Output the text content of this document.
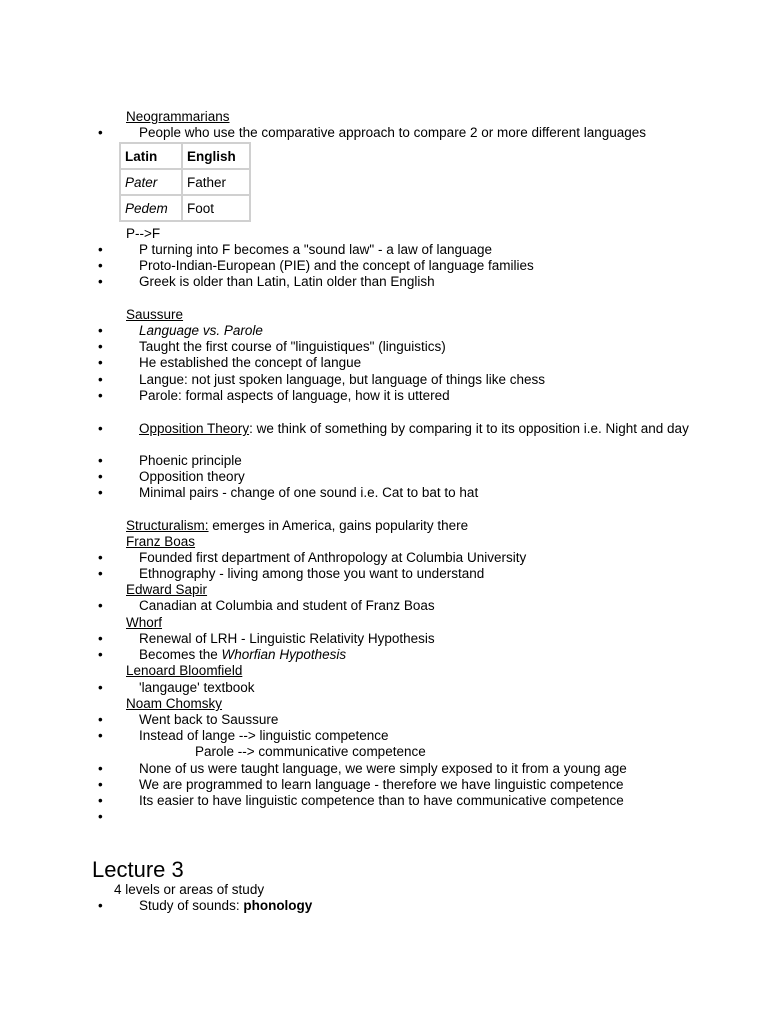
Neogrammarians
•	People who use the comparative approach to compare 2 or more different languages
Latin	English
Pater	Father
Pedem	Foot
P-->F
•	P turning into F becomes a "sound law" - a law of language
•	Proto-Indian-European (PIE) and the concept of language families
•	Greek is older than Latin, Latin older than English
Saussure
•	Language vs. Parole
•	Taught the first course of "linguistiques" (linguistics)
•	He established the concept of langue
•	Langue: not just spoken language, but language of things like chess
•	Parole: formal aspects of language, how it is uttered
•	Opposition Theory: we think of something by comparing it to its opposition i.e. Night and day
•	Phoenic principle
•	Opposition theory
•	Minimal pairs - change of one sound i.e. Cat to bat to hat
Structuralism: emerges in America, gains popularity there
Franz Boas
•	Founded first department of Anthropology at Columbia University
•	Ethnography - living among those you want to understand
Edward Sapir
•	Canadian at Columbia and student of Franz Boas
Whorf
•	Renewal of LRH - Linguistic Relativity Hypothesis
•	Becomes the Whorfian Hypothesis
Lenoard Bloomfield
•	'langauge' textbook
Noam Chomsky
•	Went back to Saussure
•	Instead of lange --> linguistic competence
Parole --> communicative competence
•	None of us were taught language, we were simply exposed to it from a young age
•	We are programmed to learn language - therefore we have linguistic competence
•	Its easier to have linguistic competence than to have communicative competence
•
Lecture 3
4 levels or areas of study
•	Study of sounds: phonology
